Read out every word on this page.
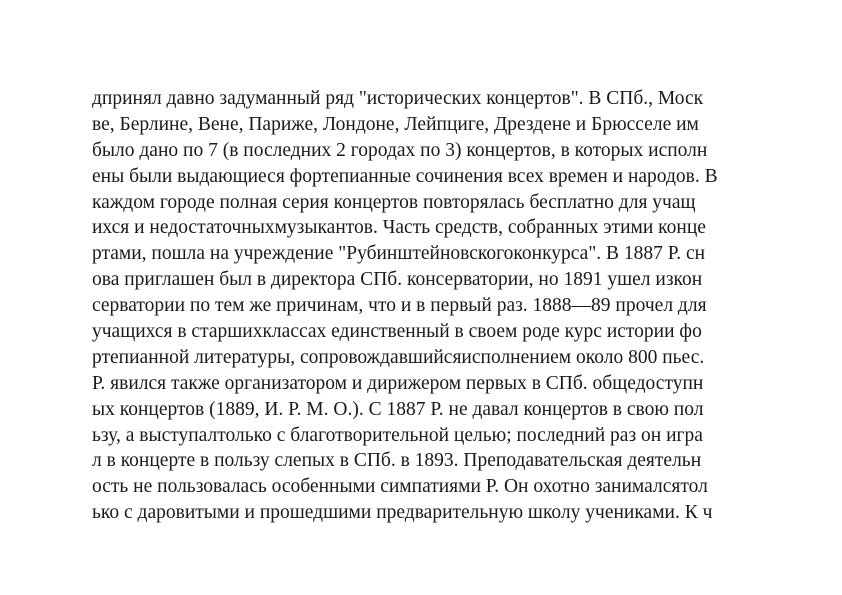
дпринял давно задуманный ряд "исторических концертов". В СПб., Моск
ве, Берлине, Вене, Париже, Лондоне, Лейпциге, Дрездене и Брюсселе им
было дано по 7 (в последних 2 городах по 3) концертов, в которых исполн
ены были выдающиеся фортепианные сочинения всех времен и народов. В
каждом городе полная серия концертов повторялась бесплатно для учащ
ихся и недостаточныхмузыкантов. Часть средств, собранных этими конце
ртами, пошла на учреждение "Рубинштейновскогоконкурса". В 1887 Р. сн
ова приглашен был в директора СПб. консерватории, но 1891 ушел изкон
серватории по тем же причинам, что и в первый раз. 1888—89 прочел для
учащихся в старшихклассах единственный в своем роде курс истории фо
ртепианной литературы, сопровождавшийсяисполнением около 800 пьес.
Р. явился также организатором и дирижером первых в СПб. общедоступн
ых концертов (1889, И. Р. М. О.). С 1887 Р. не давал концертов в свою пол
ьзу, а выступалтолько с благотворительной целью; последний раз он игра
л в концерте в пользу слепых в СПб. в 1893. Преподавательская деятельн
ость не пользовалась особенными симпатиями Р. Он охотно занималсятол
ько с даровитыми и прошедшими предварительную школу учениками. К ч
